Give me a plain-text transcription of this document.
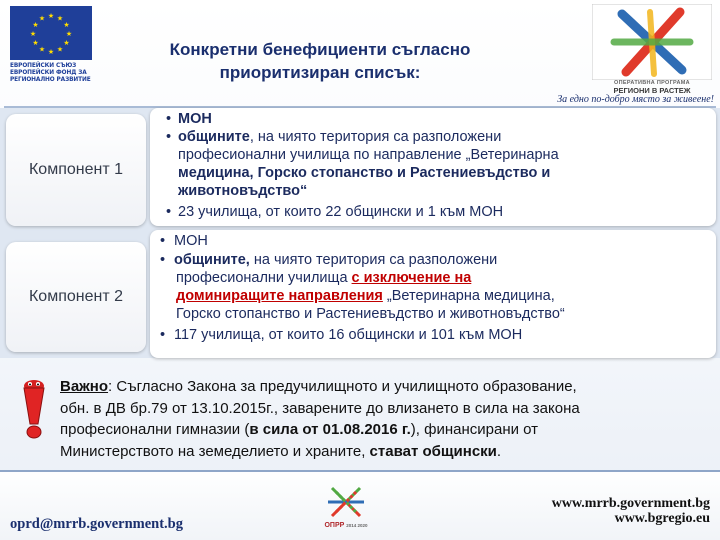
★ ★
★
★
★
★
★
★
★
★
★
★
ЕВРОПЕЙСКИ СЪЮЗ
ЕВРОПЕЙСКИ ФОНД ЗА
РЕГИОНАЛНО РАЗВИТИЕ
Конкретни бенефициенти съгласно
приоритизиран списък:
ОПЕРАТИВНА ПРОГРАМА
РЕГИОНИ В РАСТЕЖ
За едно по-добро място за живеене!
Компонент 1
Компонент 2
• МОН
• общините, на чиято територия са разположени
професионални училища по направление „Ветеринарна
медицина, Горско стопанство и Растениевъдство и
животновъдство“
• 23 училища, от които 22 общински и 1 към МОН
• МОН
• общините, на чиято територия са разположени
професионални училища с изключение на
доминиращите направления „Ветеринарна медицина,
Горско стопанство и Растениевъдство и животновъдство“
• 117 училища, от които 16 общински и 101 към МОН
Важно: Съгласно Закона за предучилищното и училищното образование,
обн. в ДВ бр.79 от 13.10.2015г., заварените до влизането в сила на закона
професионални гимназии (в сила от 01.08.2016 г.), финансирани от
Министерството на земеделието и храните, стават общински.
oprd@mrrb.government.bg	ОПРР 2014 2020
www.mrrb.government.bg
www.bgregio.eu
